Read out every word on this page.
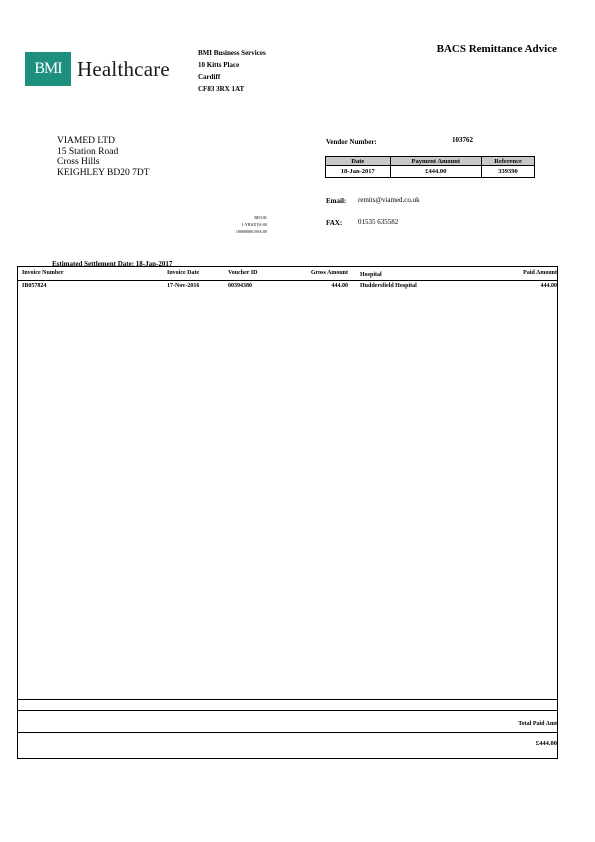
BMI Healthcare
BMI Business Services
10 Kitts Place
Cardiff
CF83 3RX 1AT
BACS Remittance Advice
VIAMED LTD
15 Station Road
Cross Hills
KEIGHLEY BD20 7DT
Vendor Number:	103762
Date	Payment Amount	Reference
18-Jan-2017	£444.00	339390
Email: remits@viamed.co.uk
FAX: 01535 635582
BD-UK
1-YBAXYA-00
100000001/00A:00
Estimated Settlement Date: 18-Jan-2017
Invoice Number	Invoice Date	Voucher ID	Gross Amount Hospital	Paid Amount
IB057824	17-Nov-2016	00394380	444.00 Huddersfield Hospital	444.00
Total Paid Amt
£444.00
